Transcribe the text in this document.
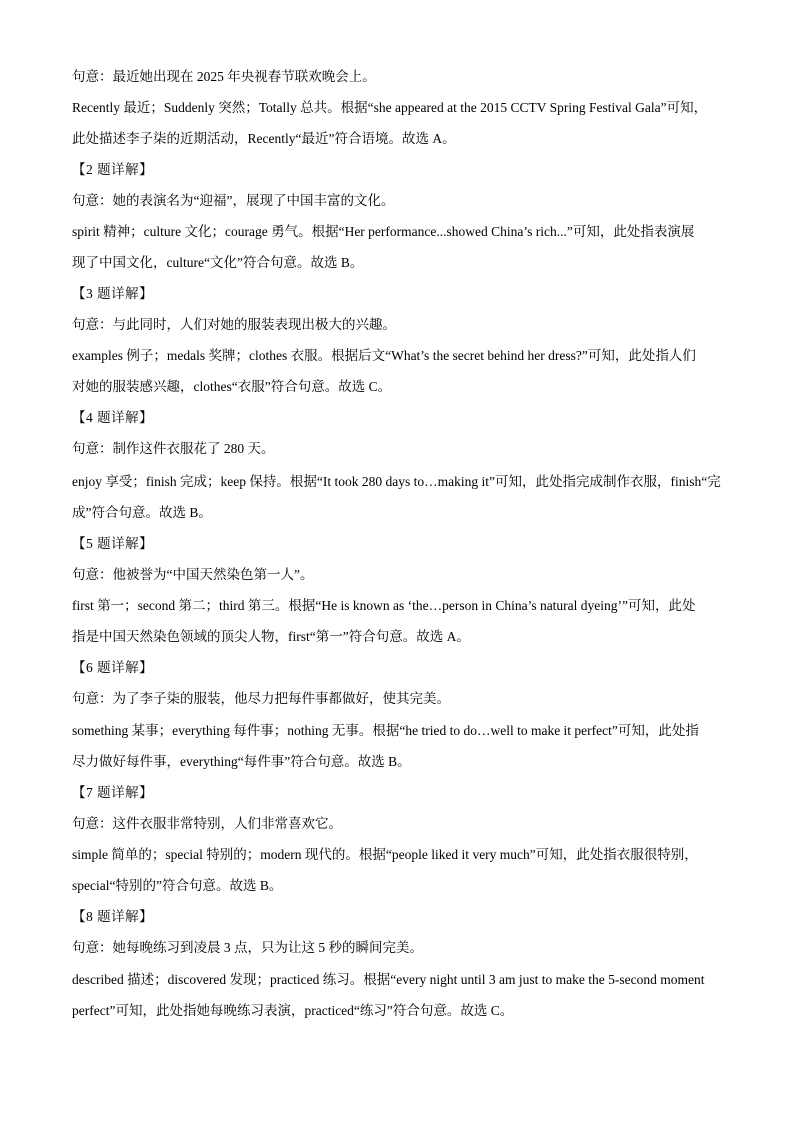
句意：最近她出现在 2025 年央视春节联欢晚会上。
Recently 最近；Suddenly 突然；Totally 总共。根据“she appeared at the 2015 CCTV Spring Festival Gala”可知，
此处描述李子柒的近期活动，Recently“最近”符合语境。故选 A。
【2 题详解】
句意：她的表演名为“迎福”，展现了中国丰富的文化。
spirit 精神；culture 文化；courage 勇气。根据“Her performance...showed China’s rich...”可知，此处指表演展
现了中国文化，culture“文化”符合句意。故选 B。
【3 题详解】
句意：与此同时，人们对她的服装表现出极大的兴趣。
examples 例子；medals 奖牌；clothes 衣服。根据后文“What’s the secret behind her dress?”可知，此处指人们
对她的服装感兴趣，clothes“衣服”符合句意。故选 C。
【4 题详解】
句意：制作这件衣服花了 280 天。
enjoy 享受；finish 完成；keep 保持。根据“It took 280 days to…making it”可知，此处指完成制作衣服，finish“完
成”符合句意。故选 B。
【5 题详解】
句意：他被誉为“中国天然染色第一人”。
first 第一；second 第二；third 第三。根据“He is known as ‘the…person in China’s natural dyeing’”可知，此处
指是中国天然染色领域的顶尖人物，first“第一”符合句意。故选 A。
【6 题详解】
句意：为了李子柒的服装，他尽力把每件事都做好，使其完美。
something 某事；everything 每件事；nothing 无事。根据“he tried to do…well to make it perfect”可知，此处指
尽力做好每件事，everything“每件事”符合句意。故选 B。
【7 题详解】
句意：这件衣服非常特别，人们非常喜欢它。
simple 简单的；special 特别的；modern 现代的。根据“people liked it very much”可知，此处指衣服很特别，
special“特别的”符合句意。故选 B。
【8 题详解】
句意：她每晚练习到凌晨 3 点，只为让这 5 秒的瞬间完美。
described 描述；discovered 发现；practiced 练习。根据“every night until 3 am just to make the 5-second moment
perfect”可知，此处指她每晚练习表演，practiced“练习”符合句意。故选 C。
